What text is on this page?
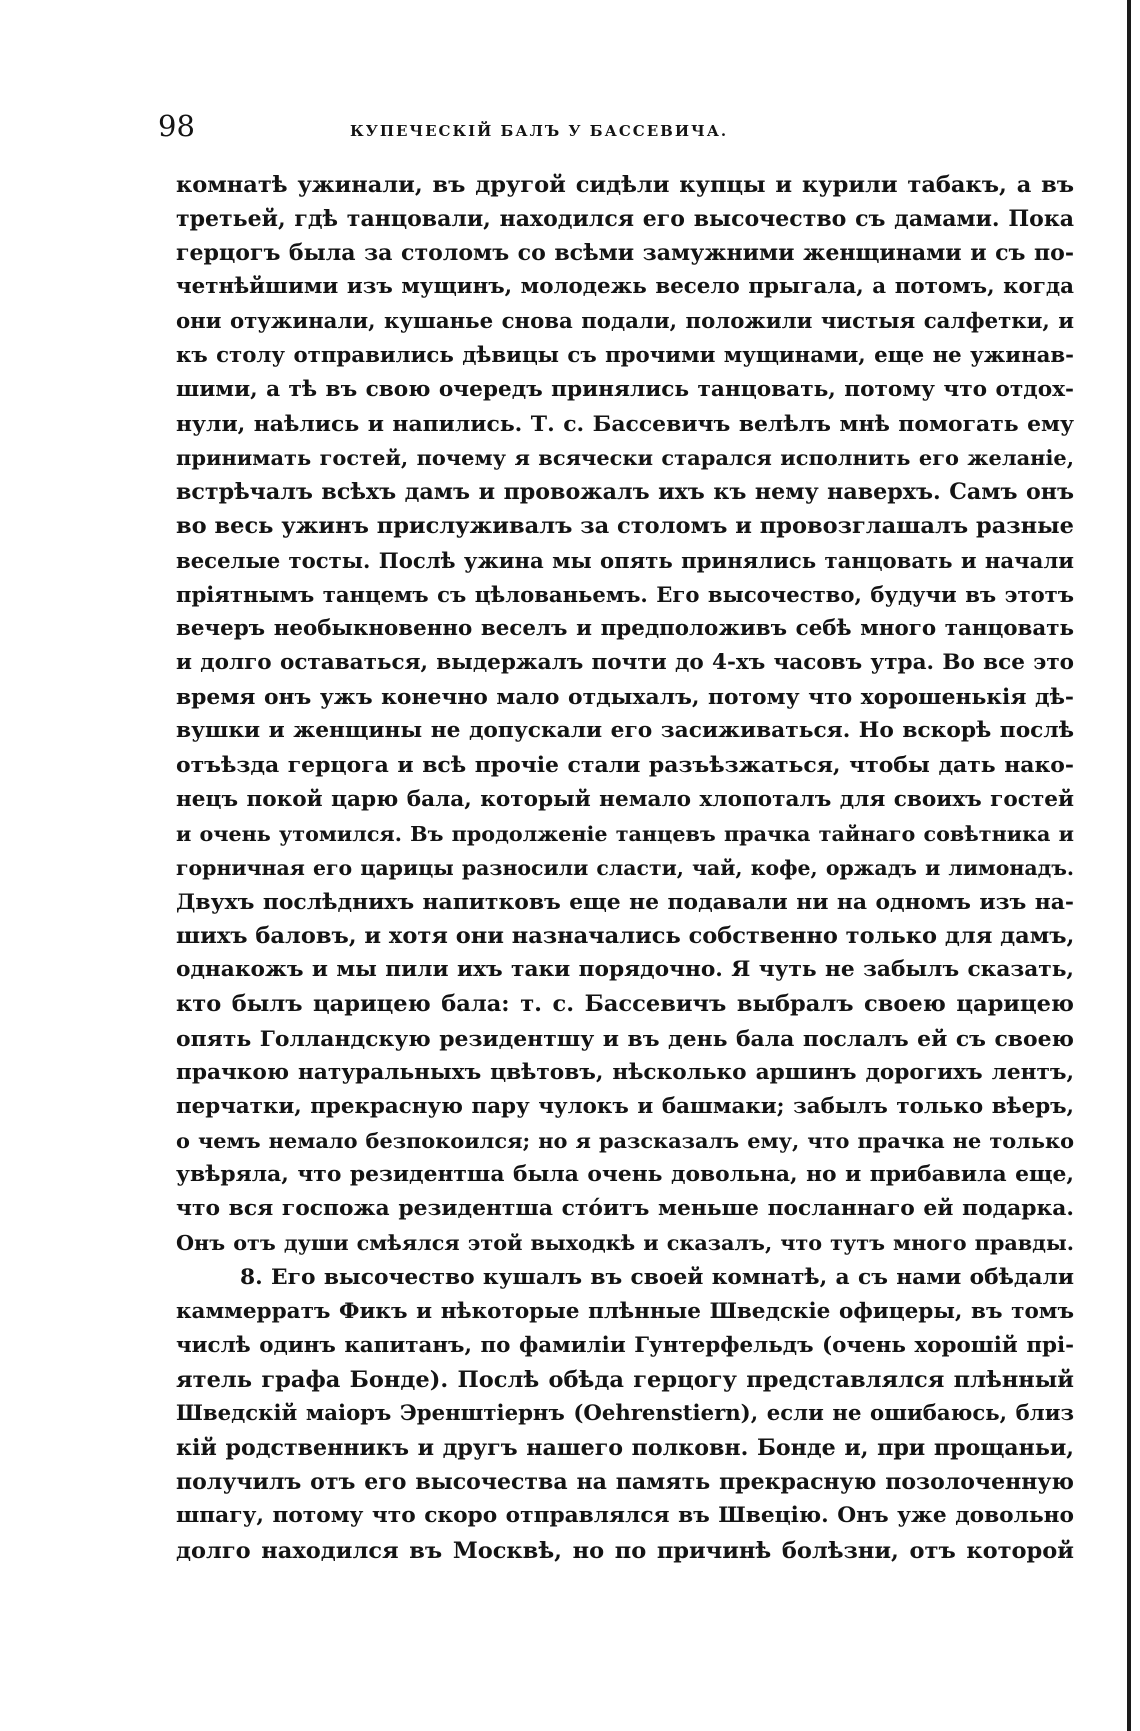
98	КУПЕЧЕСКІЙ БАЛЪ У БАССЕВИЧА.
комнатѣ ужинали, въ другой сидѣли купцы и курили табакъ, а въ
третьей, гдѣ танцовали, находился его высочество съ дамами. Пока
герцогъ была за столомъ со всѣми замужними женщинами и съ по-
четнѣйшими изъ мущинъ, молодежь весело прыгала, а потомъ, когда
они отужинали, кушанье снова подали, положили чистыя салфетки, и
къ столу отправились дѣвицы съ прочими мущинами, еще не ужинав-
шими, а тѣ въ свою очередъ принялись танцовать, потому что отдох-
нули, наѣлись и напились. Т. с. Бассевичъ велѣлъ мнѣ помогать ему
принимать гостей, почему я всячески старался исполнить его желаніе,
встрѣчалъ всѣхъ дамъ и провожалъ ихъ къ нему наверхъ. Самъ онъ
во весь ужинъ прислуживалъ за столомъ и провозглашалъ разные
веселые тосты. Послѣ ужина мы опять принялись танцовать и начали
пріятнымъ танцемъ съ цѣлованьемъ. Его высочество, будучи въ этотъ
вечеръ необыкновенно веселъ и предположивъ себѣ много танцовать
и долго оставаться, выдержалъ почти до 4-хъ часовъ утра. Во все это
время онъ ужъ конечно мало отдыхалъ, потому что хорошенькія дѣ-
вушки и женщины не допускали его засиживаться. Но вскорѣ послѣ
отъѣзда герцога и всѣ прочіе стали разъѣзжаться, чтобы дать нако-
нецъ покой царю бала, который немало хлопоталъ для своихъ гостей
и очень утомился. Въ продолженіе танцевъ прачка тайнаго совѣтника и
горничная его царицы разносили сласти, чай, кофе, оржадъ и лимонадъ.
Двухъ послѣднихъ напитковъ еще не подавали ни на одномъ изъ на-
шихъ баловъ, и хотя они назначались собственно только для дамъ,
однакожъ и мы пили ихъ таки порядочно. Я чуть не забылъ сказать,
кто былъ царицею бала: т. с. Бассевичъ выбралъ своею царицею
опять Голландскую резидентшу и въ день бала послалъ ей съ своею
прачкою натуральныхъ цвѣтовъ, нѣсколько аршинъ дорогихъ лентъ,
перчатки, прекрасную пару чулокъ и башмаки; забылъ только вѣеръ,
о чемъ немало безпокоился; но я разсказалъ ему, что прачка не только
увѣряла, что резидентша была очень довольна, но и прибавила еще,
что вся госпожа резидентша стóитъ меньше посланнаго ей подарка.
Онъ отъ души смѣялся этой выходкѣ и сказалъ, что тутъ много правды.
8. Его высочество кушалъ въ своей комнатѣ, а съ нами обѣдали
каммерратъ Фикъ и нѣкоторые плѣнные Шведскіе офицеры, въ томъ
числѣ одинъ капитанъ, по фамиліи Гунтерфельдъ (очень хорошій прі-
ятель графа Бонде). Послѣ обѣда герцогу представлялся плѣнный
Шведскій маіоръ Эренштіернъ (Oehrenstiern), если не ошибаюсь, близ
кій родственникъ и другъ нашего полковн. Бонде и, при прощаньи,
получилъ отъ его высочества на память прекрасную позолоченную
шпагу, потому что скоро отправлялся въ Швецію. Онъ уже довольно
долго находился въ Москвѣ, но по причинѣ болѣзни, отъ которой
